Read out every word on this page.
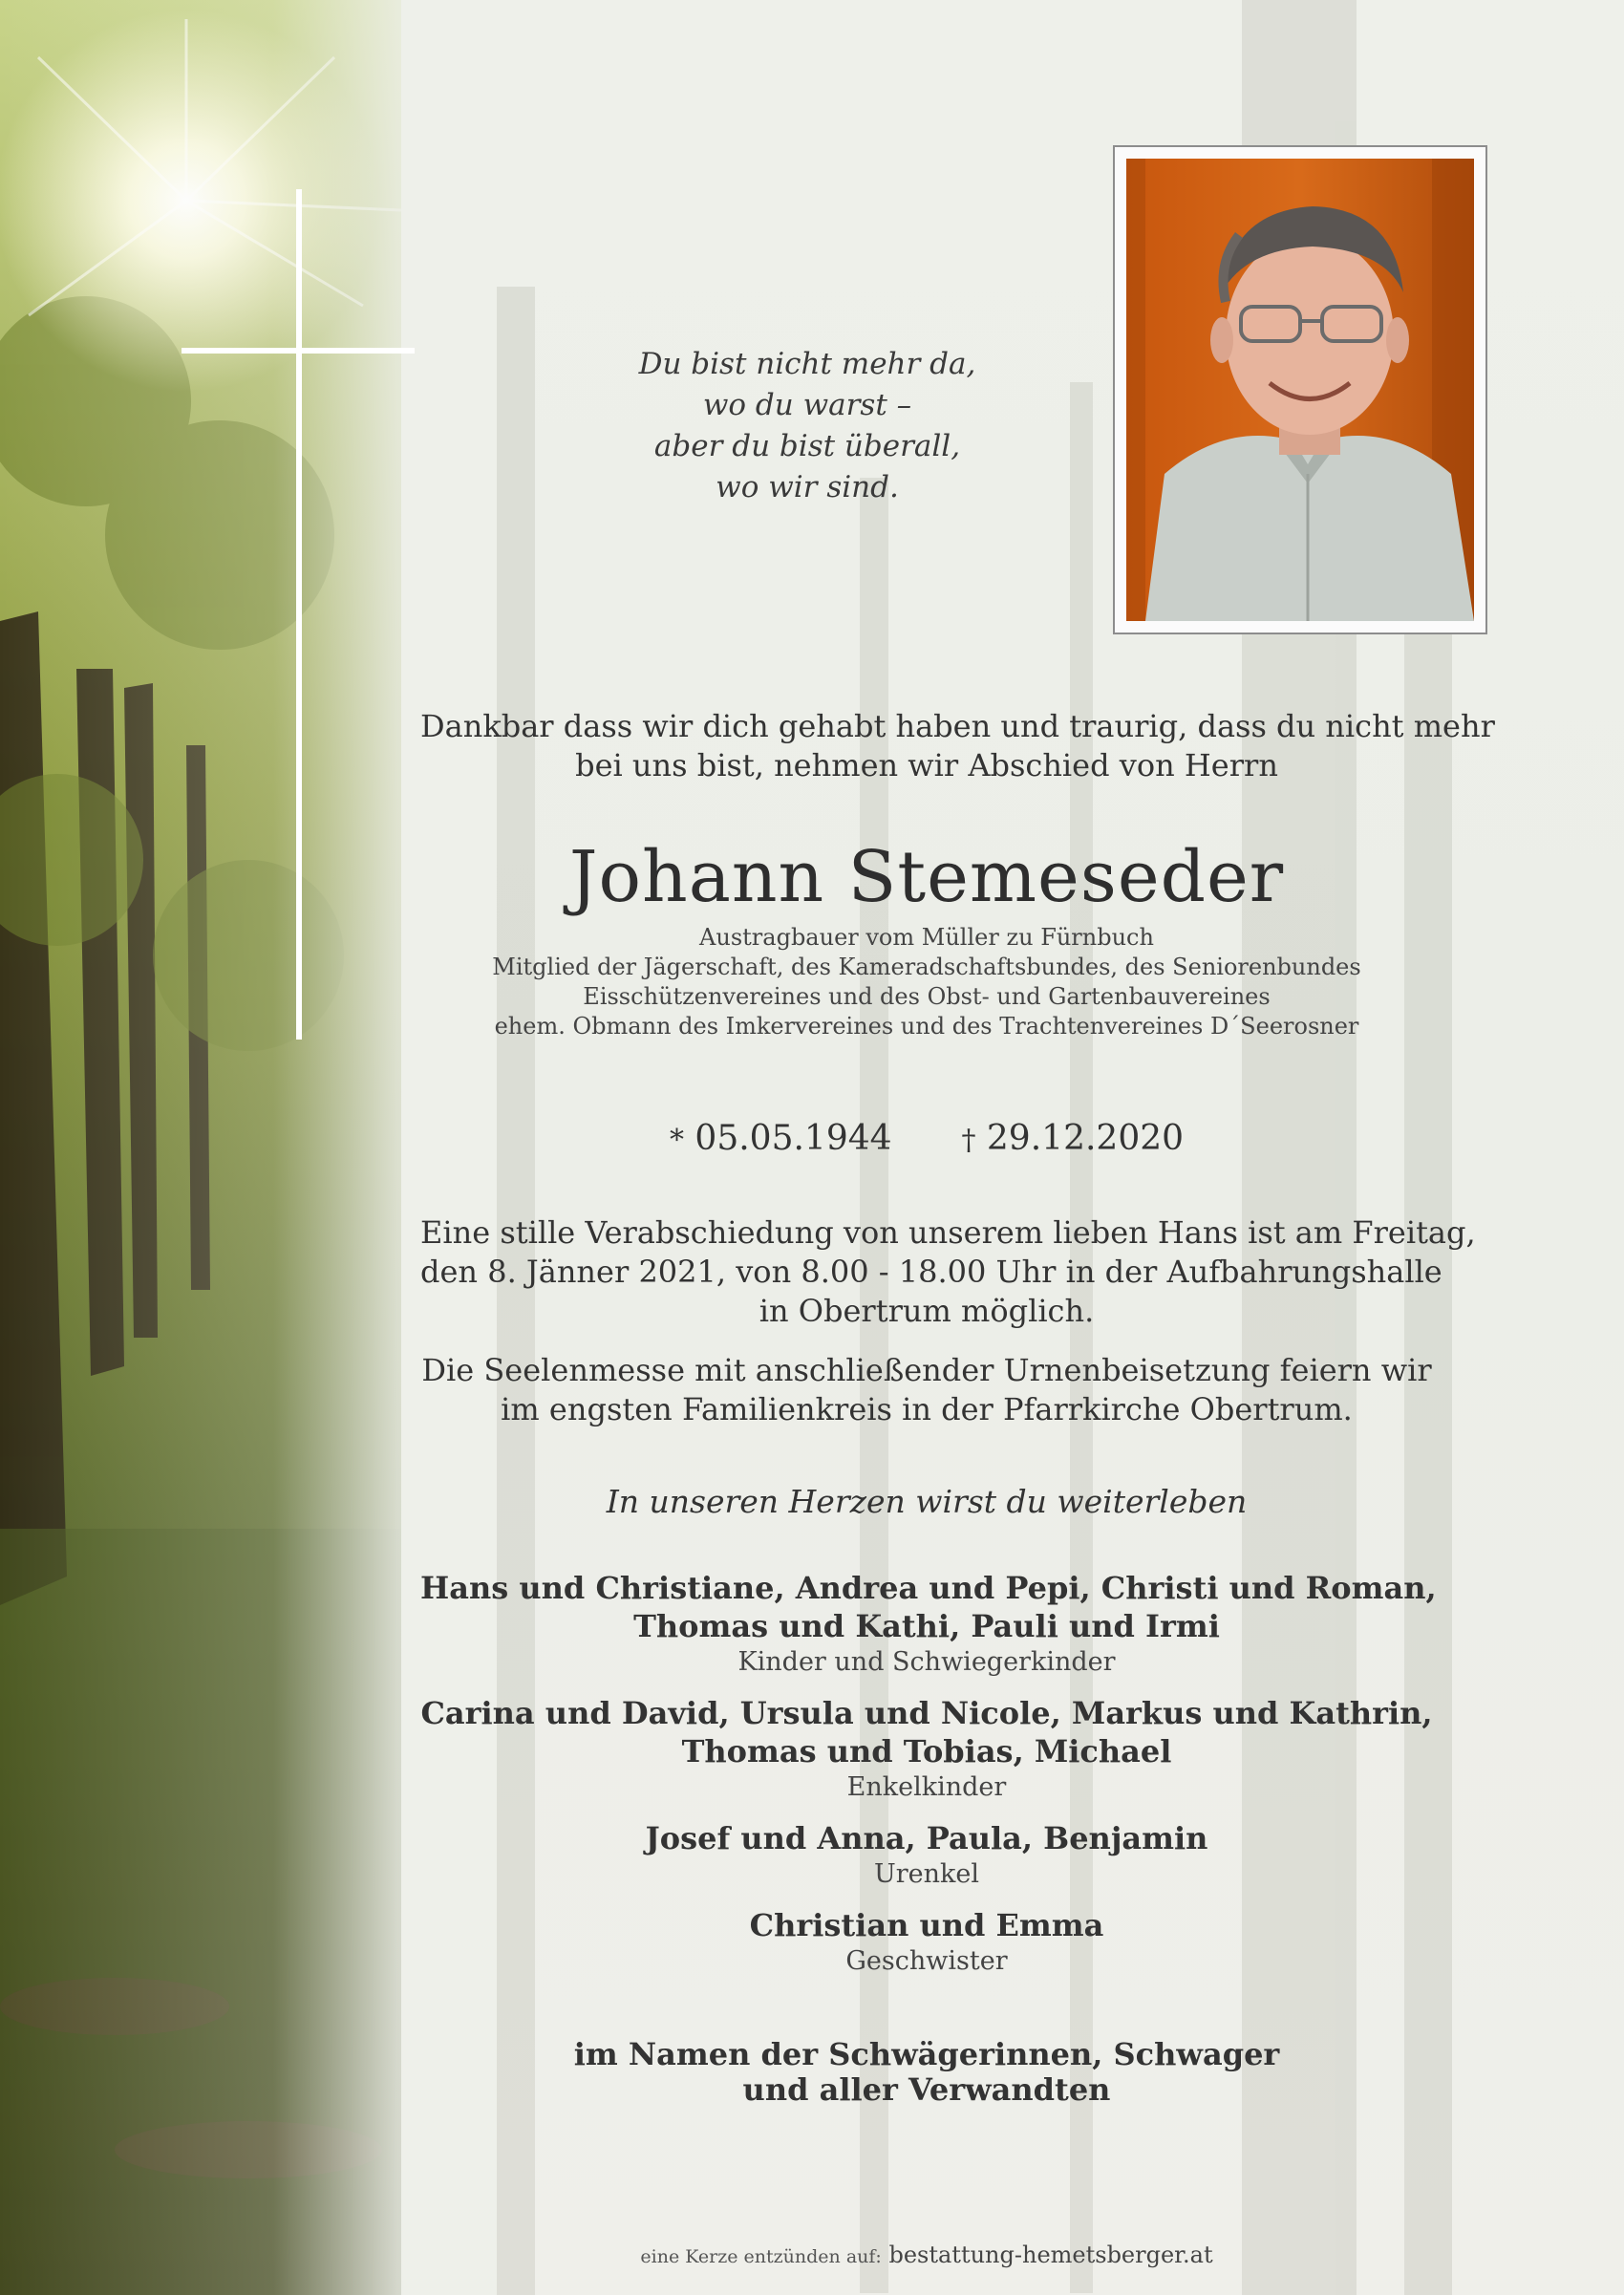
Du bist nicht mehr da,
wo du warst –
aber du bist überall,
wo wir sind.
Dankbar dass wir dich gehabt haben und traurig, dass du nicht mehr
bei uns bist, nehmen wir Abschied von Herrn
Johann Stemeseder
Austragbauer vom Müller zu Fürnbuch
Mitglied der Jägerschaft, des Kameradschaftsbundes, des Seniorenbundes
Eisschützenvereines und des Obst- und Gartenbauvereines
ehem. Obmann des Imkervereines und des Trachtenvereines D´Seerosner
* 05.05.1944 † 29.12.2020
Eine stille Verabschiedung von unserem lieben Hans ist am Freitag,
den 8. Jänner 2021, von 8.00 - 18.00 Uhr in der Aufbahrungshalle
in Obertrum möglich.
Die Seelenmesse mit anschließender Urnenbeisetzung feiern wir
im engsten Familienkreis in der Pfarrkirche Obertrum.
In unseren Herzen wirst du weiterleben
Hans und Christiane, Andrea und Pepi, Christi und Roman,
Thomas und Kathi, Pauli und Irmi
Kinder und Schwiegerkinder
Carina und David, Ursula und Nicole, Markus und Kathrin,
Thomas und Tobias, Michael
Enkelkinder
Josef und Anna, Paula, Benjamin
Urenkel
Christian und Emma
Geschwister
im Namen der Schwägerinnen, Schwager
und aller Verwandten
eine Kerze entzünden auf: bestattung-hemetsberger.at
